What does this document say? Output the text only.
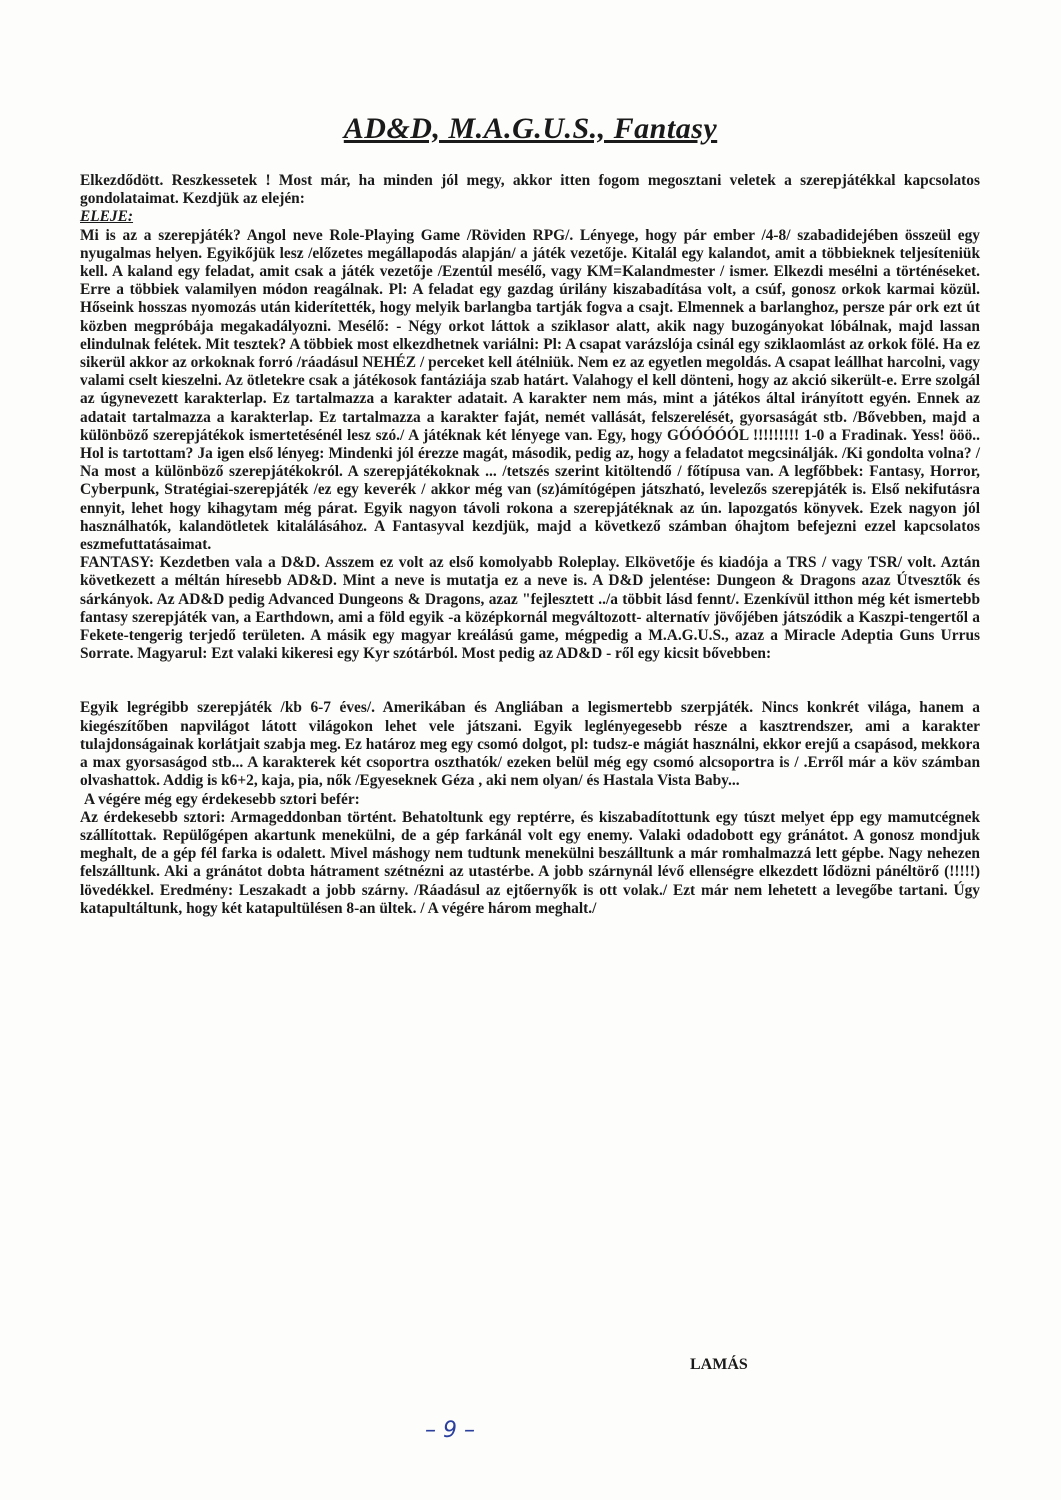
AD&D, M.A.G.U.S., Fantasy

Elkezdődött. Reszkessetek ! Most már, ha minden jól megy, akkor itten fogom megosztani veletek a szerepjátékkal kapcsolatos gondolataimat. Kezdjük az elején:

ELEJE:

Mi is az a szerepjáték? Angol neve Role-Playing Game /Röviden RPG/. Lényege, hogy pár ember /4-8/ szabadidejében összeül egy nyugalmas helyen. Egyikőjük lesz /előzetes megállapodás alapján/ a játék vezetője. Kitalál egy kalandot, amit a többieknek teljesíteniük kell. A kaland egy feladat, amit csak a játék vezetője /Ezentúl mesélő, vagy KM=Kalandmester / ismer. Elkezdi mesélni a történéseket. Erre a többiek valamilyen módon reagálnak. Pl: A feladat egy gazdag úrilány kiszabadítása volt, a csúf, gonosz orkok karmai közül. Hőseink hosszas nyomozás után kiderítették, hogy melyik barlangba tartják fogva a csajt. Elmennek a barlanghoz, persze pár ork ezt út közben megpróbája megakadályozni. Mesélő: - Négy orkot láttok a sziklasor alatt, akik nagy buzogányokat lóbálnak, majd lassan elindulnak felétek. Mit tesztek? A többiek most elkezdhetnek variálni: Pl: A csapat varázslója csinál egy sziklaomlást az orkok fölé. Ha ez sikerül akkor az orkoknak forró /ráadásul NEHÉZ / perceket kell átélniük. Nem ez az egyetlen megoldás. A csapat leállhat harcolni, vagy valami cselt kieszelni. Az ötletekre csak a játékosok fantáziája szab határt. Valahogy el kell dönteni, hogy az akció sikerült-e. Erre szolgál az úgynevezett karakterlap. Ez tartalmazza a karakter adatait. A karakter nem más, mint a játékos által irányított egyén. Ennek az adatait tartalmazza a karakterlap. Ez tartalmazza a karakter faját, nemét vallását, felszerelését, gyorsaságát stb. /Bővebben, majd a különböző szerepjátékok ismertetésénél lesz szó./ A játéknak két lényege van. Egy, hogy GÓÓÓÓÓL !!!!!!!!! 1-0 a Fradinak. Yess! ööö.. Hol is tartottam? Ja igen első lényeg: Mindenki jól érezze magát, második, pedig az, hogy a feladatot megcsinálják. /Ki gondolta volna? / Na most a különböző szerepjátékokról. A szerepjátékoknak ... /tetszés szerint kitöltendő / főtípusa van. A legfőbbek: Fantasy, Horror, Cyberpunk, Stratégiai-szerepjáték /ez egy keverék / akkor még van (sz)ámítógépen játszható, levelezős szerepjáték is. Első nekifutásra ennyit, lehet hogy kihagytam még párat. Egyik nagyon távoli rokona a szerepjátéknak az ún. lapozgatós könyvek. Ezek nagyon jól használhatók, kalandötletek kitalálásához. A Fantasyval kezdjük, majd a következő számban óhajtom befejezni ezzel kapcsolatos eszmefuttatásaimat.

FANTASY: Kezdetben vala a D&D. Asszem ez volt az első komolyabb Roleplay. Elkövetője és kiadója a TRS / vagy TSR/ volt. Aztán következett a méltán híresebb AD&D. Mint a neve is mutatja ez a neve is. A D&D jelentése: Dungeon & Dragons azaz Útvesztők és sárkányok. Az AD&D pedig Advanced Dungeons & Dragons, azaz "fejlesztett ../a többit lásd fennt/. Ezenkívül itthon még két ismertebb fantasy szerepjáték van, a Earthdown, ami a föld egyik -a középkornál megváltozott- alternatív jövőjében játszódik a Kaszpi-tengertől a Fekete-tengerig terjedő területen. A másik egy magyar kreálású game, mégpedig a M.A.G.U.S., azaz a Miracle Adeptia Guns Urrus Sorrate. Magyarul: Ezt valaki kikeresi egy Kyr szótárból. Most pedig az AD&D - ről egy kicsit bővebben:

Egyik legrégibb szerepjáték /kb 6-7 éves/. Amerikában és Angliában a legismertebb szerpjáték. Nincs konkrét világa, hanem a kiegészítőben napvilágot látott világokon lehet vele játszani. Egyik leglényegesebb része a kasztrendszer, ami a karakter tulajdonságainak korlátjait szabja meg. Ez határoz meg egy csomó dolgot, pl: tudsz-e mágiát használni, ekkor erejű a csapásod, mekkora a max gyorsaságod stb... A karakterek két csoportra oszthatók/ ezeken belül még egy csomó alcsoportra is / .Erről már a köv számban olvashattok. Addig is k6+2, kaja, pia, nők /Egyeseknek Géza , aki nem olyan/ és Hastala Vista Baby...

A végére még egy érdekesebb sztori befér:

Az érdekesebb sztori: Armageddonban történt. Behatoltunk egy reptérre, és kiszabadítottunk egy túszt melyet épp egy mamutcégnek szállítottak. Repülőgépen akartunk menekülni, de a gép farkánál volt egy enemy. Valaki odadobott egy gránátot. A gonosz mondjuk meghalt, de a gép fél farka is odalett. Mivel máshogy nem tudtunk menekülni beszálltunk a már romhalmazzá lett gépbe. Nagy nehezen felszálltunk. Aki a gránátot dobta hátrament szétnézni az utastérbe. A jobb szárnynál lévő ellenségre elkezdett lődözni pánéltörő (!!!!!) lövedékkel. Eredmény: Leszakadt a jobb szárny. /Ráadásul az ejtőernyők is ott volak./ Ezt már nem lehetett a levegőbe tartani. Úgy katapultáltunk, hogy két katapultülésen 8-an ültek. / A végére három meghalt./

LAMÁS

– 9 –
